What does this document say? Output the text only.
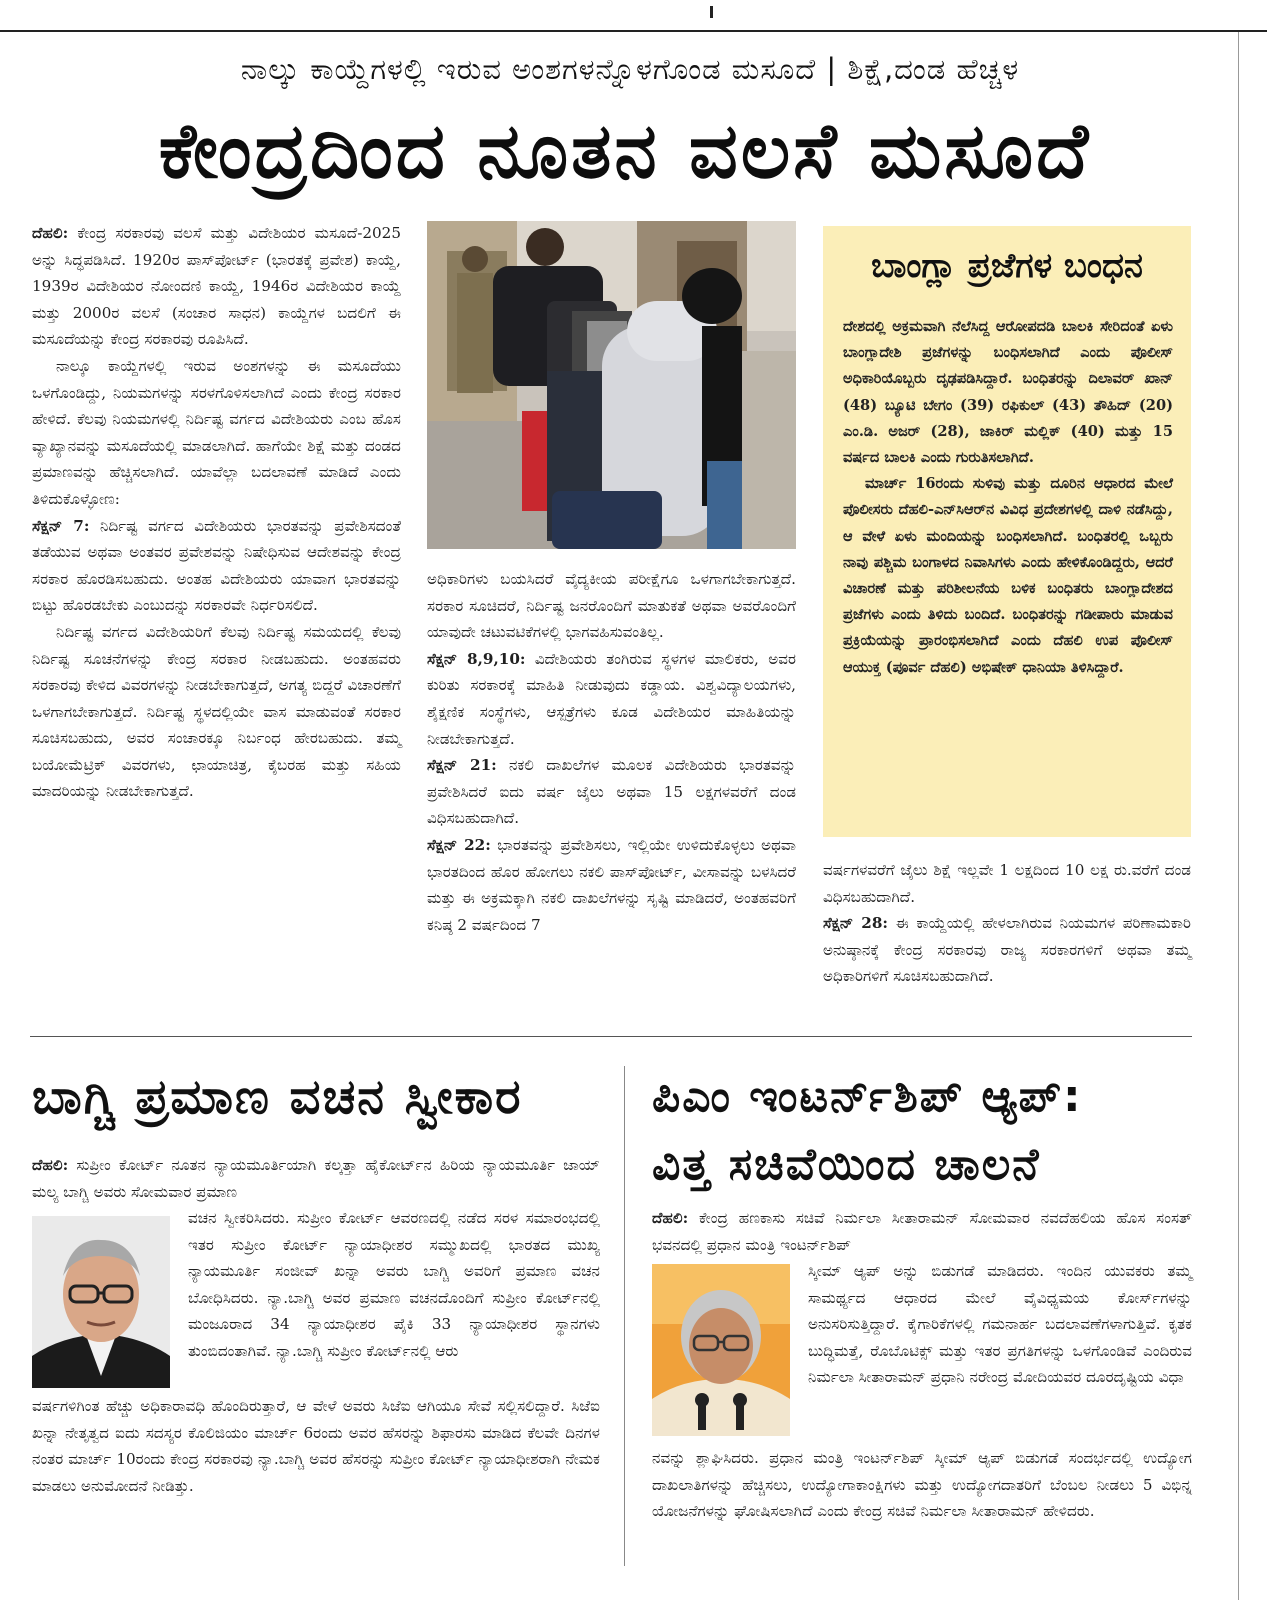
ನಾಲ್ಕು ಕಾಯ್ದೆಗಳಲ್ಲಿ ಇರುವ ಅಂಶಗಳನ್ನೊಳಗೊಂಡ ಮಸೂದೆ | ಶಿಕ್ಷೆ,ದಂಡ ಹೆಚ್ಚಳ
ಕೇಂದ್ರದಿಂದ ನೂತನ ವಲಸೆ ಮಸೂದೆ

ದೆಹಲಿ: ಕೇಂದ್ರ ಸರಕಾರವು ವಲಸೆ ಮತ್ತು ವಿದೇಶಿಯರ ಮಸೂದೆ-2025 ಅನ್ನು ಸಿದ್ಧಪಡಿಸಿದೆ. 1920ರ ಪಾಸ್‌ಪೋರ್ಟ್ (ಭಾರತಕ್ಕೆ ಪ್ರವೇಶ) ಕಾಯ್ದೆ, 1939ರ ವಿದೇಶಿಯರ ನೋಂದಣಿ ಕಾಯ್ದೆ, 1946ರ ವಿದೇಶಿಯರ ಕಾಯ್ದೆ ಮತ್ತು 2000ರ ವಲಸೆ (ಸಂಚಾರ ಸಾಧನ) ಕಾಯ್ದೆಗಳ ಬದಲಿಗೆ ಈ ಮಸೂದೆಯನ್ನು ಕೇಂದ್ರ ಸರಕಾರವು ರೂಪಿಸಿದೆ.

ನಾಲ್ಕೂ ಕಾಯ್ದೆಗಳಲ್ಲಿ ಇರುವ ಅಂಶಗಳನ್ನು ಈ ಮಸೂದೆಯು ಒಳಗೊಂಡಿದ್ದು, ನಿಯಮಗಳನ್ನು ಸರಳಗೊಳಿಸಲಾಗಿದೆ ಎಂದು ಕೇಂದ್ರ ಸರಕಾರ ಹೇಳಿದೆ. ಕೆಲವು ನಿಯಮಗಳಲ್ಲಿ ನಿರ್ದಿಷ್ಟ ವರ್ಗದ ವಿದೇಶಿಯರು ಎಂಬ ಹೊಸ ವ್ಯಾಖ್ಯಾನವನ್ನು ಮಸೂದೆಯಲ್ಲಿ ಮಾಡಲಾಗಿದೆ. ಹಾಗೆಯೇ ಶಿಕ್ಷೆ ಮತ್ತು ದಂಡದ ಪ್ರಮಾಣವನ್ನು ಹೆಚ್ಚಿಸಲಾಗಿದೆ. ಯಾವೆಲ್ಲಾ ಬದಲಾವಣೆ ಮಾಡಿದೆ ಎಂದು ತಿಳಿದುಕೊಳ್ಳೋಣ:

ಸೆಕ್ಷನ್ 7: ನಿರ್ದಿಷ್ಟ ವರ್ಗದ ವಿದೇಶಿಯರು ಭಾರತವನ್ನು ಪ್ರವೇಶಿಸದಂತೆ ತಡೆಯುವ ಅಥವಾ ಅಂತವರ ಪ್ರವೇಶವನ್ನು ನಿಷೇಧಿಸುವ ಆದೇಶವನ್ನು ಕೇಂದ್ರ ಸರಕಾರ ಹೊರಡಿಸಬಹುದು. ಅಂತಹ ವಿದೇಶಿಯರು ಯಾವಾಗ ಭಾರತವನ್ನು ಬಿಟ್ಟು ಹೊರಡಬೇಕು ಎಂಬುದನ್ನು ಸರಕಾರವೇ ನಿರ್ಧರಿಸಲಿದೆ.

ನಿರ್ದಿಷ್ಟ ವರ್ಗದ ವಿದೇಶಿಯರಿಗೆ ಕೆಲವು ನಿರ್ದಿಷ್ಟ ಸಮಯದಲ್ಲಿ ಕೆಲವು ನಿರ್ದಿಷ್ಟ ಸೂಚನೆಗಳನ್ನು ಕೇಂದ್ರ ಸರಕಾರ ನೀಡಬಹುದು. ಅಂತಹವರು ಸರಕಾರವು ಕೇಳಿದ ವಿವರಗಳನ್ನು ನೀಡಬೇಕಾಗುತ್ತದೆ, ಅಗತ್ಯ ಬಿದ್ದರೆ ವಿಚಾರಣೆಗೆ ಒಳಗಾಗಬೇಕಾಗುತ್ತದೆ. ನಿರ್ದಿಷ್ಟ ಸ್ಥಳದಲ್ಲಿಯೇ ವಾಸ ಮಾಡುವಂತೆ ಸರಕಾರ ಸೂಚಿಸಬಹುದು, ಅವರ ಸಂಚಾರಕ್ಕೂ ನಿರ್ಬಂಧ ಹೇರಬಹುದು. ತಮ್ಮ ಬಯೋಮೆಟ್ರಿಕ್ ವಿವರಗಳು, ಛಾಯಾಚಿತ್ರ, ಕೈಬರಹ ಮತ್ತು ಸಹಿಯ ಮಾದರಿಯನ್ನು ನೀಡಬೇಕಾಗುತ್ತದೆ.

ಅಧಿಕಾರಿಗಳು ಬಯಸಿದರೆ ವೈದ್ಯಕೀಯ ಪರೀಕ್ಷೆಗೂ ಒಳಗಾಗಬೇಕಾಗುತ್ತದೆ. ಸರಕಾರ ಸೂಚಿದರೆ, ನಿರ್ದಿಷ್ಟ ಜನರೊಂದಿಗೆ ಮಾತುಕತೆ ಅಥವಾ ಅವರೊಂದಿಗೆ ಯಾವುದೇ ಚಟುವಟಿಕೆಗಳಲ್ಲಿ ಭಾಗವಹಿಸುವಂತಿಲ್ಲ.

ಸೆಕ್ಷನ್ 8,9,10: ವಿದೇಶಿಯರು ತಂಗಿರುವ ಸ್ಥಳಗಳ ಮಾಲಿಕರು, ಅವರ ಕುರಿತು ಸರಕಾರಕ್ಕೆ ಮಾಹಿತಿ ನೀಡುವುದು ಕಡ್ಡಾಯ. ವಿಶ್ವವಿದ್ಯಾಲಯಗಳು, ಶೈಕ್ಷಣಿಕ ಸಂಸ್ಥೆಗಳು, ಆಸ್ಪತ್ರೆಗಳು ಕೂಡ ವಿದೇಶಿಯರ ಮಾಹಿತಿಯನ್ನು ನೀಡಬೇಕಾಗುತ್ತದೆ.

ಸೆಕ್ಷನ್ 21: ನಕಲಿ ದಾಖಲೆಗಳ ಮೂಲಕ ವಿದೇಶಿಯರು ಭಾರತವನ್ನು ಪ್ರವೇಶಿಸಿದರೆ ಐದು ವರ್ಷ ಜೈಲು ಅಥವಾ 15 ಲಕ್ಷಗಳವರೆಗೆ ದಂಡ ವಿಧಿಸಬಹುದಾಗಿದೆ.

ಸೆಕ್ಷನ್ 22: ಭಾರತವನ್ನು ಪ್ರವೇಶಿಸಲು, ಇಲ್ಲಿಯೇ ಉಳಿದುಕೊಳ್ಳಲು ಅಥವಾ ಭಾರತದಿಂದ ಹೊರ ಹೋಗಲು ನಕಲಿ ಪಾಸ್‌ಪೋರ್ಟ್, ವೀಸಾವನ್ನು ಬಳಸಿದರೆ ಮತ್ತು ಈ ಅಕ್ರಮಕ್ಕಾಗಿ ನಕಲಿ ದಾಖಲೆಗಳನ್ನು ಸೃಷ್ಟಿ ಮಾಡಿದರೆ, ಅಂತಹವರಿಗೆ ಕನಿಷ್ಠ 2 ವರ್ಷದಿಂದ 7

ಬಾಂಗ್ಲಾ ಪ್ರಜೆಗಳ ಬಂಧನ

ದೇಶದಲ್ಲಿ ಅಕ್ರಮವಾಗಿ ನೆಲೆಸಿದ್ದ ಆರೋಪದಡಿ ಬಾಲಕಿ ಸೇರಿದಂತೆ ಏಳು ಬಾಂಗ್ಲಾದೇಶಿ ಪ್ರಜೆಗಳನ್ನು ಬಂಧಿಸಲಾಗಿದೆ ಎಂದು ಪೊಲೀಸ್ ಅಧಿಕಾರಿಯೊಬ್ಬರು ದೃಢಪಡಿಸಿದ್ದಾರೆ. ಬಂಧಿತರನ್ನು ದಿಲಾವರ್ ಖಾನ್ (48) ಬ್ಯೂಟಿ ಬೇಗಂ (39) ರಫಿಕುಲ್ (43) ತೌಹಿದ್ (20) ಎಂ.ಡಿ. ಅಜರ್ (28), ಜಾಕಿರ್ ಮಲ್ಲಿಕ್ (40) ಮತ್ತು 15 ವರ್ಷದ ಬಾಲಕಿ ಎಂದು ಗುರುತಿಸಲಾಗಿದೆ.

ಮಾರ್ಚ್ 16ರಂದು ಸುಳಿವು ಮತ್ತು ದೂರಿನ ಆಧಾರದ ಮೇಲೆ ಪೊಲೀಸರು ದೆಹಲಿ-ಎನ್‌ಸಿಆರ್‌ನ ವಿವಿಧ ಪ್ರದೇಶಗಳಲ್ಲಿ ದಾಳಿ ನಡೆಸಿದ್ದು, ಆ ವೇಳೆ ಏಳು ಮಂದಿಯನ್ನು ಬಂಧಿಸಲಾಗಿದೆ. ಬಂಧಿತರಲ್ಲಿ ಒಬ್ಬರು ನಾವು ಪಶ್ಚಿಮ ಬಂಗಾಳದ ನಿವಾಸಿಗಳು ಎಂದು ಹೇಳಿಕೊಂಡಿದ್ದರು, ಆದರೆ ವಿಚಾರಣೆ ಮತ್ತು ಪರಿಶೀಲನೆಯ ಬಳಿಕ ಬಂಧಿತರು ಬಾಂಗ್ಲಾದೇಶದ ಪ್ರಜೆಗಳು ಎಂದು ತಿಳಿದು ಬಂದಿದೆ. ಬಂಧಿತರನ್ನು ಗಡೀಪಾರು ಮಾಡುವ ಪ್ರಕ್ರಿಯೆಯನ್ನು ಪ್ರಾರಂಭಿಸಲಾಗಿದೆ ಎಂದು ದೆಹಲಿ ಉಪ ಪೊಲೀಸ್ ಆಯುಕ್ತ (ಪೂರ್ವ ದೆಹಲಿ) ಅಭಿಷೇಕ್ ಧಾನಿಯಾ ತಿಳಿಸಿದ್ದಾರೆ.

ವರ್ಷಗಳವರೆಗೆ ಜೈಲು ಶಿಕ್ಷೆ ಇಲ್ಲವೇ 1 ಲಕ್ಷದಿಂದ 10 ಲಕ್ಷ ರು.ವರೆಗೆ ದಂಡ ವಿಧಿಸಬಹುದಾಗಿದೆ.

ಸೆಕ್ಷನ್ 28: ಈ ಕಾಯ್ದೆಯಲ್ಲಿ ಹೇಳಲಾಗಿರುವ ನಿಯಮಗಳ ಪರಿಣಾಮಕಾರಿ ಅನುಷ್ಠಾನಕ್ಕೆ ಕೇಂದ್ರ ಸರಕಾರವು ರಾಜ್ಯ ಸರಕಾರಗಳಿಗೆ ಅಥವಾ ತಮ್ಮ ಅಧಿಕಾರಿಗಳಿಗೆ ಸೂಚಿಸಬಹುದಾಗಿದೆ.

ಬಾಗ್ಚಿ ಪ್ರಮಾಣ ವಚನ ಸ್ವೀಕಾರ

ದೆಹಲಿ: ಸುಪ್ರೀಂ ಕೋರ್ಟ್ ನೂತನ ನ್ಯಾಯಮೂರ್ತಿಯಾಗಿ ಕಲ್ಕತ್ತಾ ಹೈಕೋರ್ಟ್‌ನ ಹಿರಿಯ ನ್ಯಾಯಮೂರ್ತಿ ಜಾಯ್ ಮಲ್ಯ ಬಾಗ್ಚಿ ಅವರು ಸೋಮವಾರ ಪ್ರಮಾಣ

ವಚನ ಸ್ವೀಕರಿಸಿದರು. ಸುಪ್ರೀಂ ಕೋರ್ಟ್ ಆವರಣದಲ್ಲಿ ನಡೆದ ಸರಳ ಸಮಾರಂಭದಲ್ಲಿ ಇತರ ಸುಪ್ರೀಂ ಕೋರ್ಟ್ ನ್ಯಾಯಾಧೀಶರ ಸಮ್ಮುಖದಲ್ಲಿ ಭಾರತದ ಮುಖ್ಯ ನ್ಯಾಯಮೂರ್ತಿ ಸಂಜೀವ್ ಖನ್ನಾ ಅವರು ಬಾಗ್ಚಿ ಅವರಿಗೆ ಪ್ರಮಾಣ ವಚನ ಬೋಧಿಸಿದರು. ನ್ಯಾ.ಬಾಗ್ಚಿ ಅವರ ಪ್ರಮಾಣ ವಚನದೊಂದಿಗೆ ಸುಪ್ರೀಂ ಕೋರ್ಟ್‌ನಲ್ಲಿ ಮಂಜೂರಾದ 34 ನ್ಯಾಯಾಧೀಶರ ಪೈಕಿ 33 ನ್ಯಾಯಾಧೀಶರ ಸ್ಥಾನಗಳು ತುಂಬಿದಂತಾಗಿವೆ. ನ್ಯಾ.ಬಾಗ್ಚಿ ಸುಪ್ರೀಂ ಕೋರ್ಟ್‌ನಲ್ಲಿ ಆರು

ವರ್ಷಗಳಿಗಿಂತ ಹೆಚ್ಚು ಅಧಿಕಾರಾವಧಿ ಹೊಂದಿರುತ್ತಾರೆ, ಆ ವೇಳೆ ಅವರು ಸಿಜೆಐ ಆಗಿಯೂ ಸೇವೆ ಸಲ್ಲಿಸಲಿದ್ದಾರೆ. ಸಿಜೆಐ ಖನ್ನಾ ನೇತೃತ್ವದ ಐದು ಸದಸ್ಯರ ಕೊಲಿಜಿಯಂ ಮಾರ್ಚ್ 6ರಂದು ಅವರ ಹೆಸರನ್ನು ಶಿಫಾರಸು ಮಾಡಿದ ಕೆಲವೇ ದಿನಗಳ ನಂತರ ಮಾರ್ಚ್ 10ರಂದು ಕೇಂದ್ರ ಸರಕಾರವು ನ್ಯಾ.ಬಾಗ್ಚಿ ಅವರ ಹೆಸರನ್ನು ಸುಪ್ರೀಂ ಕೋರ್ಟ್ ನ್ಯಾಯಾಧೀಶರಾಗಿ ನೇಮಕ ಮಾಡಲು ಅನುಮೋದನೆ ನೀಡಿತ್ತು.

ಪಿಎಂ ಇಂಟರ್ನ್‌ಶಿಪ್ ಆ್ಯಪ್:
ವಿತ್ತ ಸಚಿವೆಯಿಂದ ಚಾಲನೆ

ದೆಹಲಿ: ಕೇಂದ್ರ ಹಣಕಾಸು ಸಚಿವೆ ನಿರ್ಮಲಾ ಸೀತಾರಾಮನ್ ಸೋಮವಾರ ನವದೆಹಲಿಯ ಹೊಸ ಸಂಸತ್ ಭವನದಲ್ಲಿ ಪ್ರಧಾನ ಮಂತ್ರಿ ಇಂಟರ್ನ್‌ಶಿಪ್

ಸ್ಕೀಮ್ ಆ್ಯಪ್ ಅನ್ನು ಬಿಡುಗಡೆ ಮಾಡಿದರು. ಇಂದಿನ ಯುವಕರು ತಮ್ಮ ಸಾಮರ್ಥ್ಯದ ಆಧಾರದ ಮೇಲೆ ವೈವಿಧ್ಯಮಯ ಕೋರ್ಸ್‌ಗಳನ್ನು ಅನುಸರಿಸುತ್ತಿದ್ದಾರೆ. ಕೈಗಾರಿಕೆಗಳಲ್ಲಿ ಗಮನಾರ್ಹ ಬದಲಾವಣೆಗಳಾಗುತ್ತಿವೆ. ಕೃತಕ ಬುದ್ಧಿಮತ್ತೆ, ರೊಬೊಟಿಕ್ಸ್ ಮತ್ತು ಇತರ ಪ್ರಗತಿಗಳನ್ನು ಒಳಗೊಂಡಿವೆ ಎಂದಿರುವ ನಿರ್ಮಲಾ ಸೀತಾರಾಮನ್ ಪ್ರಧಾನಿ ನರೇಂದ್ರ ಮೋದಿಯವರ ದೂರದೃಷ್ಟಿಯ ವಿಧಾ

ನವನ್ನು ಶ್ಲಾಘಿಸಿದರು. ಪ್ರಧಾನ ಮಂತ್ರಿ ಇಂಟರ್ನ್‌ಶಿಪ್ ಸ್ಕೀಮ್ ಆ್ಯಪ್ ಬಿಡುಗಡೆ ಸಂದರ್ಭದಲ್ಲಿ ಉದ್ಯೋಗ ದಾಖಲಾತಿಗಳನ್ನು ಹೆಚ್ಚಿಸಲು, ಉದ್ಯೋಗಾಕಾಂಕ್ಷಿಗಳು ಮತ್ತು ಉದ್ಯೋಗದಾತರಿಗೆ ಬೆಂಬಲ ನೀಡಲು 5 ವಿಭಿನ್ನ ಯೋಜನೆಗಳನ್ನು ಘೋಷಿಸಲಾಗಿದೆ ಎಂದು ಕೇಂದ್ರ ಸಚಿವೆ ನಿರ್ಮಲಾ ಸೀತಾರಾಮನ್ ಹೇಳಿದರು.
